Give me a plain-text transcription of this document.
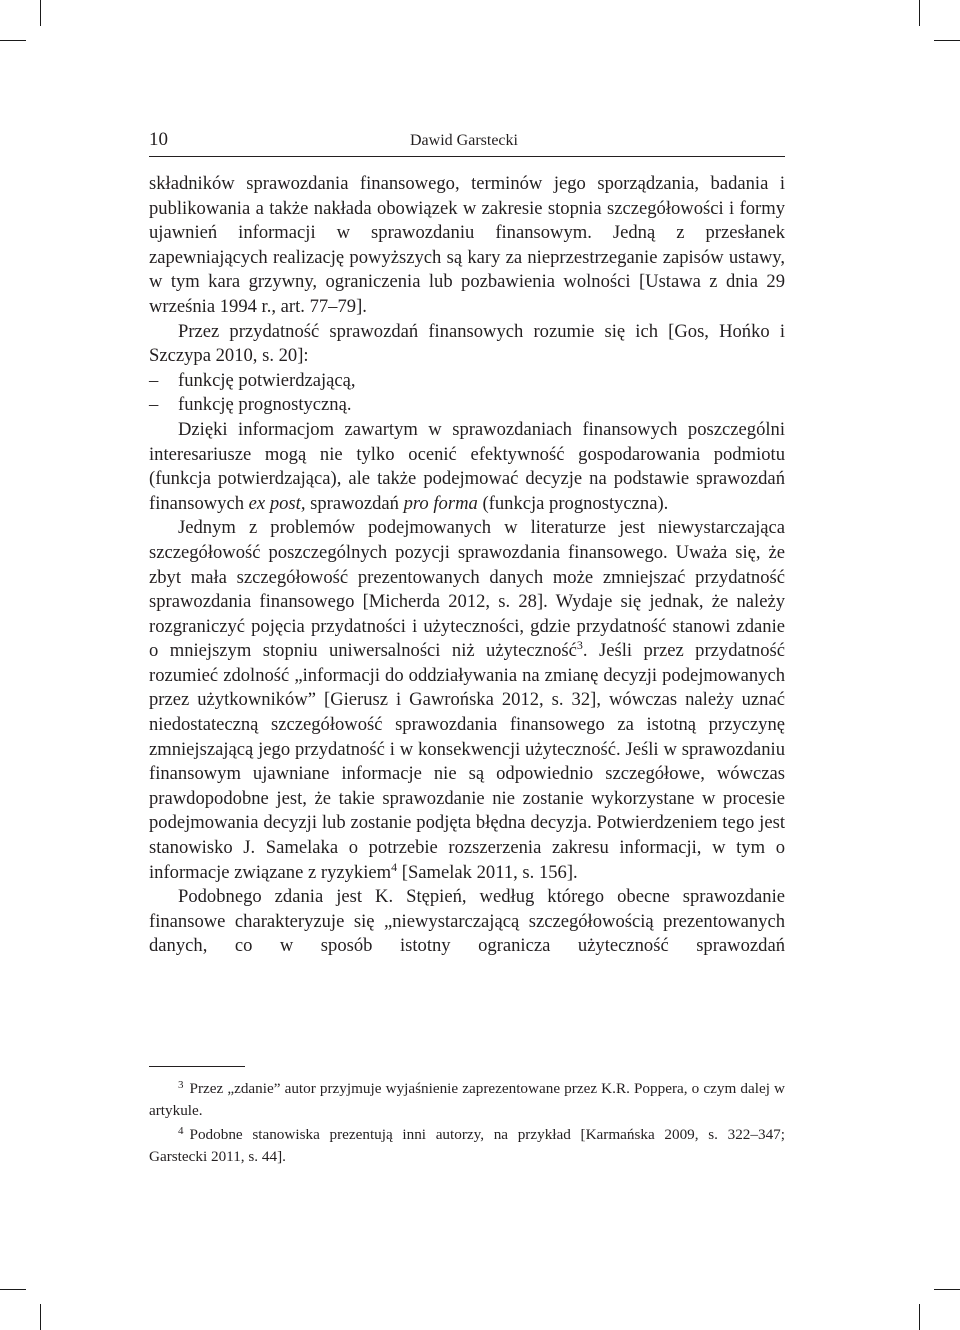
10	Dawid Garstecki

składników sprawozdania finansowego, terminów jego sporządzania, badania i publikowania a także nakłada obowiązek w zakresie stopnia szczegółowości i formy ujawnień informacji w sprawozdaniu finansowym. Jedną z przesłanek zapewniających realizację powyższych są kary za nieprzestrzeganie zapisów ustawy, w tym kara grzywny, ograniczenia lub pozbawienia wolności [Ustawa z dnia 29 września 1994 r., art. 77–79].

Przez przydatność sprawozdań finansowych rozumie się ich [Gos, Hońko i Szczypa 2010, s. 20]:

– funkcję potwierdzającą,
– funkcję prognostyczną.

Dzięki informacjom zawartym w sprawozdaniach finansowych poszczególni interesariusze mogą nie tylko ocenić efektywność gospodarowania podmiotu (funkcja potwierdzająca), ale także podejmować decyzje na podstawie sprawozdań finansowych ex post, sprawozdań pro forma (funkcja prognostyczna).

Jednym z problemów podejmowanych w literaturze jest niewystarczająca szczegółowość poszczególnych pozycji sprawozdania finansowego. Uważa się, że zbyt mała szczegółowość prezentowanych danych może zmniejszać przydatność sprawozdania finansowego [Micherda 2012, s. 28]. Wydaje się jednak, że należy rozgraniczyć pojęcia przydatności i użyteczności, gdzie przydatność stanowi zdanie o mniejszym stopniu uniwersalności niż użyteczność$^3$. Jeśli przez przydatność rozumieć zdolność „informacji do oddziaływania na zmianę decyzji podejmowanych przez użytkowników” [Gierusz i Gawrońska 2012, s. 32], wówczas należy uznać niedostateczną szczegółowość sprawozdania finansowego za istotną przyczynę zmniejszającą jego przydatność i w konsekwencji użyteczność. Jeśli w sprawozdaniu finansowym ujawniane informacje nie są odpowiednio szczegółowe, wówczas prawdopodobne jest, że takie sprawozdanie nie zostanie wykorzystane w procesie podejmowania decyzji lub zostanie podjęta błędna decyzja. Potwierdzeniem tego jest stanowisko J. Samelaka o potrzebie rozszerzenia zakresu informacji, w tym o informacje związane z ryzykiem$^4$ [Samelak 2011, s. 156].

Podobnego zdania jest K. Stępień, według którego obecne sprawozdanie finansowe charakteryzuje się „niewystarczającą szczegółowością prezentowanych danych, co w sposób istotny ogranicza użyteczność sprawozdań

$^3$ Przez „zdanie” autor przyjmuje wyjaśnienie zaprezentowane przez K.R. Poppera, o czym dalej w artykule.

$^4$ Podobne stanowiska prezentują inni autorzy, na przykład [Karmańska 2009, s. 322–347; Garstecki 2011, s. 44].
